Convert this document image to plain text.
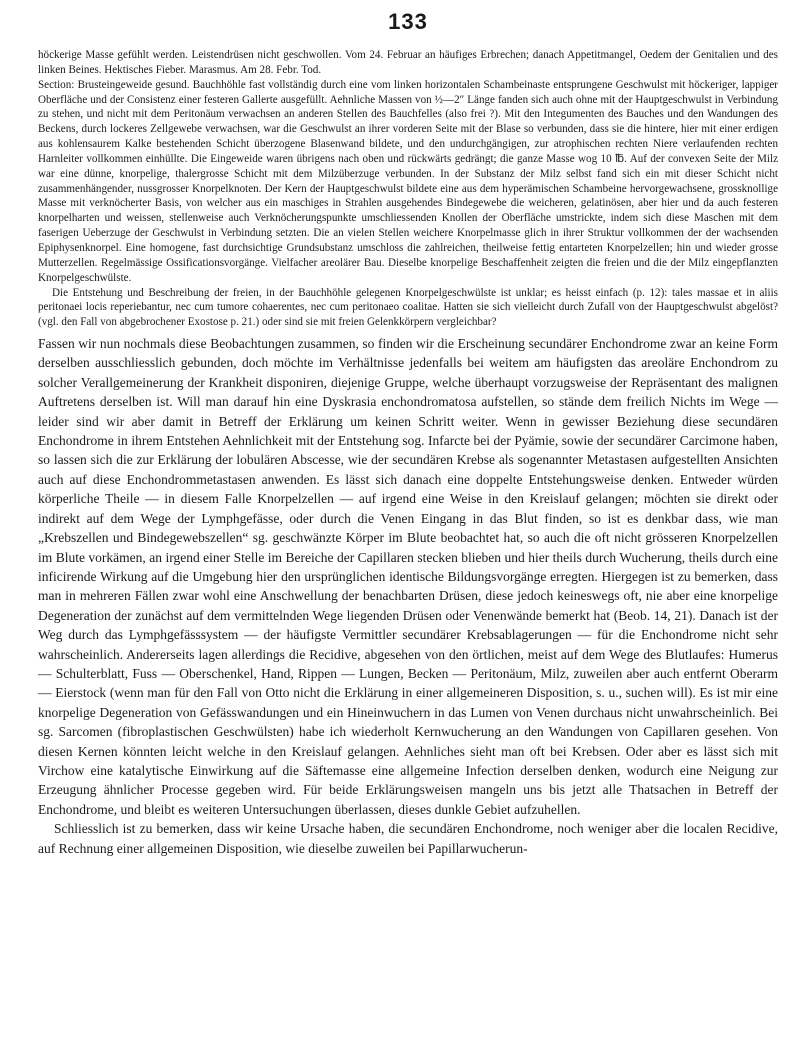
133

höckerige Masse gefühlt werden. Leistendrüsen nicht geschwollen. Vom 24. Februar an häufiges Erbrechen; danach Appetitmangel, Oedem der Genitalien und des linken Beines. Hektisches Fieber. Marasmus. Am 28. Febr. Tod.

Section: Brusteingeweide gesund. Bauchhöhle fast vollständig durch eine vom linken horizontalen Schambeinaste entsprungene Geschwulst mit höckeriger, lappiger Oberfläche und der Consistenz einer festeren Gallerte ausgefüllt. Aehnliche Massen von ½—2″ Länge fanden sich auch ohne mit der Hauptgeschwulst in Verbindung zu stehen, und nicht mit dem Peritonäum verwachsen an anderen Stellen des Bauchfelles (also frei ?). Mit den Integumenten des Bauches und den Wandungen des Beckens, durch lockeres Zellgewebe verwachsen, war die Geschwulst an ihrer vorderen Seite mit der Blase so verbunden, dass sie die hintere, hier mit einer erdigen aus kohlensaurem Kalke bestehenden Schicht überzogene Blasenwand bildete, und den undurchgängigen, zur atrophischen rechten Niere verlaufenden rechten Harnleiter vollkommen einhüllte. Die Eingeweide waren übrigens nach oben und rückwärts gedrängt; die ganze Masse wog 10 ℔. Auf der convexen Seite der Milz war eine dünne, knorpelige, thalergrosse Schicht mit dem Milzüberzuge verbunden. In der Substanz der Milz selbst fand sich ein mit dieser Schicht nicht zusammenhängender, nussgrosser Knorpelknoten. Der Kern der Hauptgeschwulst bildete eine aus dem hyperämischen Schambeine hervorgewachsene, grossknollige Masse mit verknöcherter Basis, von welcher aus ein maschiges in Strahlen ausgehendes Bindegewebe die weicheren, gelatinösen, aber hier und da auch festeren knorpelharten und weissen, stellenweise auch Verknöcherungspunkte umschliessenden Knollen der Oberfläche umstrickte, indem sich diese Maschen mit dem faserigen Ueberzuge der Geschwulst in Verbindung setzten. Die an vielen Stellen weichere Knorpelmasse glich in ihrer Struktur vollkommen der der wachsenden Epiphysenknorpel. Eine homogene, fast durchsichtige Grundsubstanz umschloss die zahlreichen, theilweise fettig entarteten Knorpelzellen; hin und wieder grosse Mutterzellen. Regelmässige Ossificationsvorgänge. Vielfacher areolärer Bau. Dieselbe knorpelige Beschaffenheit zeigten die freien und die der Milz eingepflanzten Knorpelgeschwülste.

Die Entstehung und Beschreibung der freien, in der Bauchhöhle gelegenen Knorpelgeschwülste ist unklar; es heisst einfach (p. 12): tales massae et in aliis peritonaei locis reperiebantur, nec cum tumore cohaerentes, nec cum peritonaeo coalitae. Hatten sie sich vielleicht durch Zufall von der Hauptgeschwulst abgelöst? (vgl. den Fall von abgebrochener Exostose p. 21.) oder sind sie mit freien Gelenkkörpern vergleichbar?

Fassen wir nun nochmals diese Beobachtungen zusammen, so finden wir die Erscheinung secundärer Enchondrome zwar an keine Form derselben ausschliesslich gebunden, doch möchte im Verhältnisse jedenfalls bei weitem am häufigsten das areoläre Enchondrom zu solcher Verallgemeinerung der Krankheit disponiren, diejenige Gruppe, welche überhaupt vorzugsweise der Repräsentant des malignen Auftretens derselben ist. Will man darauf hin eine Dyskrasia enchondromatosa aufstellen, so stände dem freilich Nichts im Wege — leider sind wir aber damit in Betreff der Erklärung um keinen Schritt weiter. Wenn in gewisser Beziehung diese secundären Enchondrome in ihrem Entstehen Aehnlichkeit mit der Entstehung sog. Infarcte bei der Pyämie, sowie der secundärer Carcimone haben, so lassen sich die zur Erklärung der lobulären Abscesse, wie der secundären Krebse als sogenannter Metastasen aufgestellten Ansichten auch auf diese Enchondrommetastasen anwenden. Es lässt sich danach eine doppelte Entstehungsweise denken. Entweder würden körperliche Theile — in diesem Falle Knorpelzellen — auf irgend eine Weise in den Kreislauf gelangen; möchten sie direkt oder indirekt auf dem Wege der Lymphgefässe, oder durch die Venen Eingang in das Blut finden, so ist es denkbar dass, wie man „Krebszellen und Bindegewebszellen“ sg. geschwänzte Körper im Blute beobachtet hat, so auch die oft nicht grösseren Knorpelzellen im Blute vorkämen, an irgend einer Stelle im Bereiche der Capillaren stecken blieben und hier theils durch Wucherung, theils durch eine inficirende Wirkung auf die Umgebung hier den ursprünglichen identische Bildungsvorgänge erregten. Hiergegen ist zu bemerken, dass man in mehreren Fällen zwar wohl eine Anschwellung der benachbarten Drüsen, diese jedoch keineswegs oft, nie aber eine knorpelige Degeneration der zunächst auf dem vermittelnden Wege liegenden Drüsen oder Venenwände bemerkt hat (Beob. 14, 21). Danach ist der Weg durch das Lymphgefässsystem — der häufigste Vermittler secundärer Krebsablagerungen — für die Enchondrome nicht sehr wahrscheinlich. Andererseits lagen allerdings die Recidive, abgesehen von den örtlichen, meist auf dem Wege des Blutlaufes: Humerus — Schulterblatt, Fuss — Oberschenkel, Hand, Rippen — Lungen, Becken — Peritonäum, Milz, zuweilen aber auch entfernt Oberarm — Eierstock (wenn man für den Fall von Otto nicht die Erklärung in einer allgemeineren Disposition, s. u., suchen will). Es ist mir eine knorpelige Degeneration von Gefässwandungen und ein Hineinwuchern in das Lumen von Venen durchaus nicht unwahrscheinlich. Bei sg. Sarcomen (fibroplastischen Geschwülsten) habe ich wiederholt Kernwucherung an den Wandungen von Capillaren gesehen. Von diesen Kernen könnten leicht welche in den Kreislauf gelangen. Aehnliches sieht man oft bei Krebsen. Oder aber es lässt sich mit Virchow eine katalytische Einwirkung auf die Säftemasse eine allgemeine Infection derselben denken, wodurch eine Neigung zur Erzeugung ähnlicher Processe gegeben wird. Für beide Erklärungsweisen mangeln uns bis jetzt alle Thatsachen in Betreff der Enchondrome, und bleibt es weiteren Untersuchungen überlassen, dieses dunkle Gebiet aufzuhellen.

Schliesslich ist zu bemerken, dass wir keine Ursache haben, die secundären Enchondrome, noch weniger aber die localen Recidive, auf Rechnung einer allgemeinen Disposition, wie dieselbe zuweilen bei Papillarwucherun-
